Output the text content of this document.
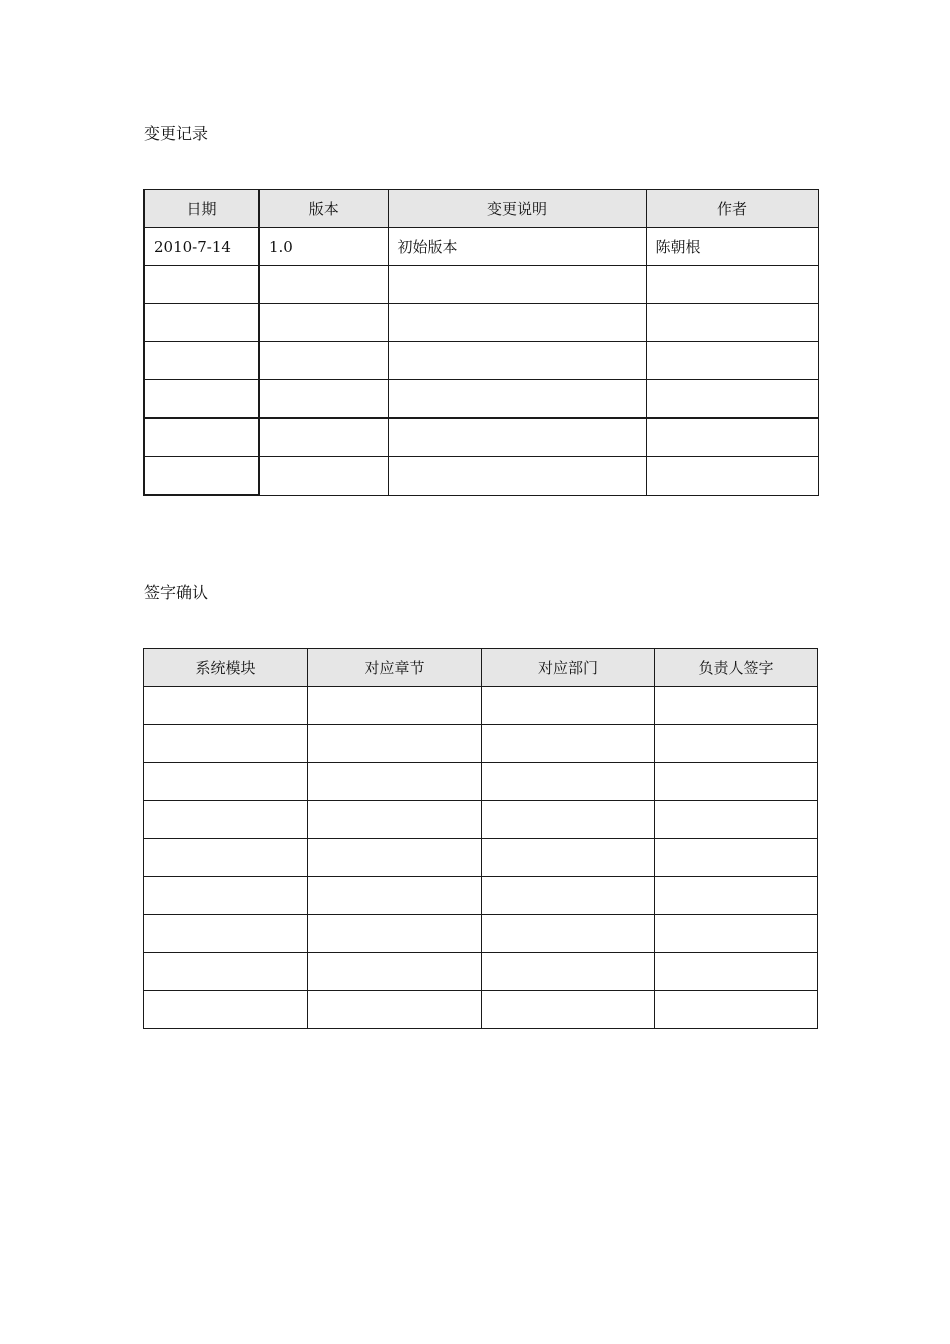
变更记录
日期	版本	变更说明	作者
2010-7-14	1.0	初始版本	陈朝根

签字确认
系统模块	对应章节	对应部门	负责人签字
